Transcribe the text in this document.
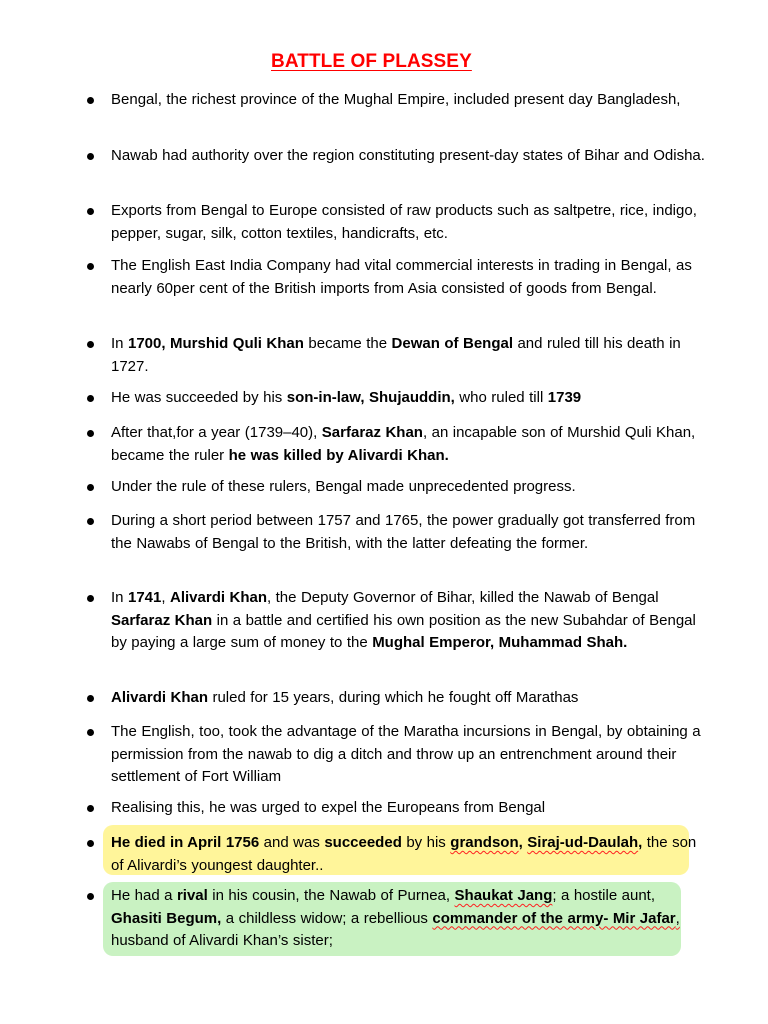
BATTLE OF PLASSEY
Bengal, the richest province of the Mughal Empire, included present day Bangladesh,
Nawab had authority over the region constituting present-day states of Bihar and Odisha.
Exports from Bengal to Europe consisted of raw products such as saltpetre, rice, indigo, pepper, sugar, silk, cotton textiles, handicrafts, etc.
The English East India Company had vital commercial interests in trading in Bengal, as nearly 60per cent of the British imports from Asia consisted of goods from Bengal.
In 1700, Murshid Quli Khan became the Dewan of Bengal and ruled till his death in 1727.
He was succeeded by his son-in-law, Shujauddin, who ruled till 1739
After that,for a year (1739–40), Sarfaraz Khan, an incapable son of Murshid Quli Khan, became the ruler he was killed by Alivardi Khan.
Under the rule of these rulers, Bengal made unprecedented progress.
During a short period between 1757 and 1765, the power gradually got transferred from the Nawabs of Bengal to the British, with the latter defeating the former.
In 1741, Alivardi Khan, the Deputy Governor of Bihar, killed the Nawab of Bengal Sarfaraz Khan in a battle and certified his own position as the new Subahdar of Bengal by paying a large sum of money to the Mughal Emperor, Muhammad Shah.
Alivardi Khan ruled for 15 years, during which he fought off Marathas
The English, too, took the advantage of the Maratha incursions in Bengal, by obtaining a permission from the nawab to dig a ditch and throw up an entrenchment around their settlement of Fort William
Realising this, he was urged to expel the Europeans from Bengal
He died in April 1756 and was succeeded by his grandson, Siraj-ud-Daulah, the son of Alivardi’s youngest daughter..
He had a rival in his cousin, the Nawab of Purnea, Shaukat Jang; a hostile aunt, Ghasiti Begum, a childless widow; a rebellious commander of the army- Mir Jafar, husband of Alivardi Khan’s sister;
